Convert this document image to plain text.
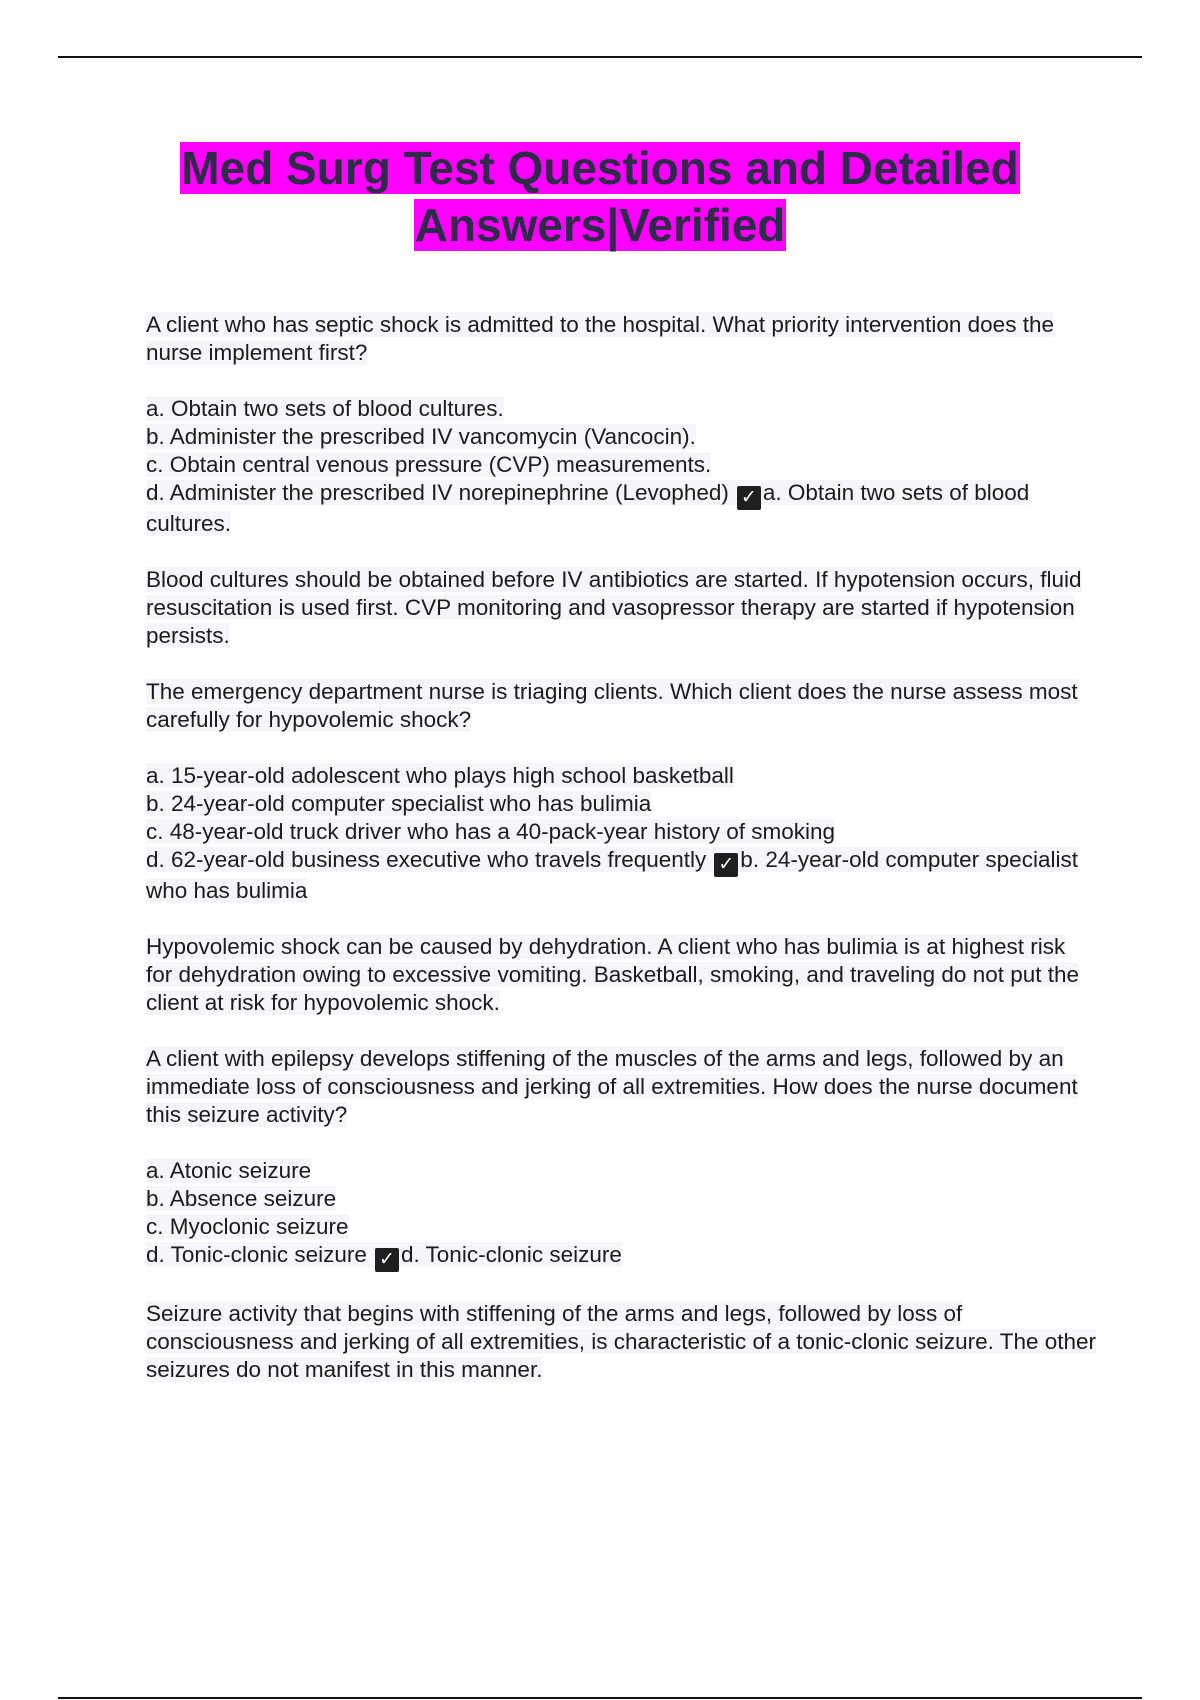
Med Surg Test Questions and Detailed Answers|Verified
A client who has septic shock is admitted to the hospital. What priority intervention does the nurse implement first?
a. Obtain two sets of blood cultures.
b. Administer the prescribed IV vancomycin (Vancocin).
c. Obtain central venous pressure (CVP) measurements.
d. Administer the prescribed IV norepinephrine (Levophed) ✓ a. Obtain two sets of blood cultures.
Blood cultures should be obtained before IV antibiotics are started. If hypotension occurs, fluid resuscitation is used first. CVP monitoring and vasopressor therapy are started if hypotension persists.
The emergency department nurse is triaging clients. Which client does the nurse assess most carefully for hypovolemic shock?
a. 15-year-old adolescent who plays high school basketball
b. 24-year-old computer specialist who has bulimia
c. 48-year-old truck driver who has a 40-pack-year history of smoking
d. 62-year-old business executive who travels frequently ✓ b. 24-year-old computer specialist who has bulimia
Hypovolemic shock can be caused by dehydration. A client who has bulimia is at highest risk for dehydration owing to excessive vomiting. Basketball, smoking, and traveling do not put the client at risk for hypovolemic shock.
A client with epilepsy develops stiffening of the muscles of the arms and legs, followed by an immediate loss of consciousness and jerking of all extremities. How does the nurse document this seizure activity?
a. Atonic seizure
b. Absence seizure
c. Myoclonic seizure
d. Tonic-clonic seizure ✓ d. Tonic-clonic seizure
Seizure activity that begins with stiffening of the arms and legs, followed by loss of consciousness and jerking of all extremities, is characteristic of a tonic-clonic seizure. The other seizures do not manifest in this manner.
